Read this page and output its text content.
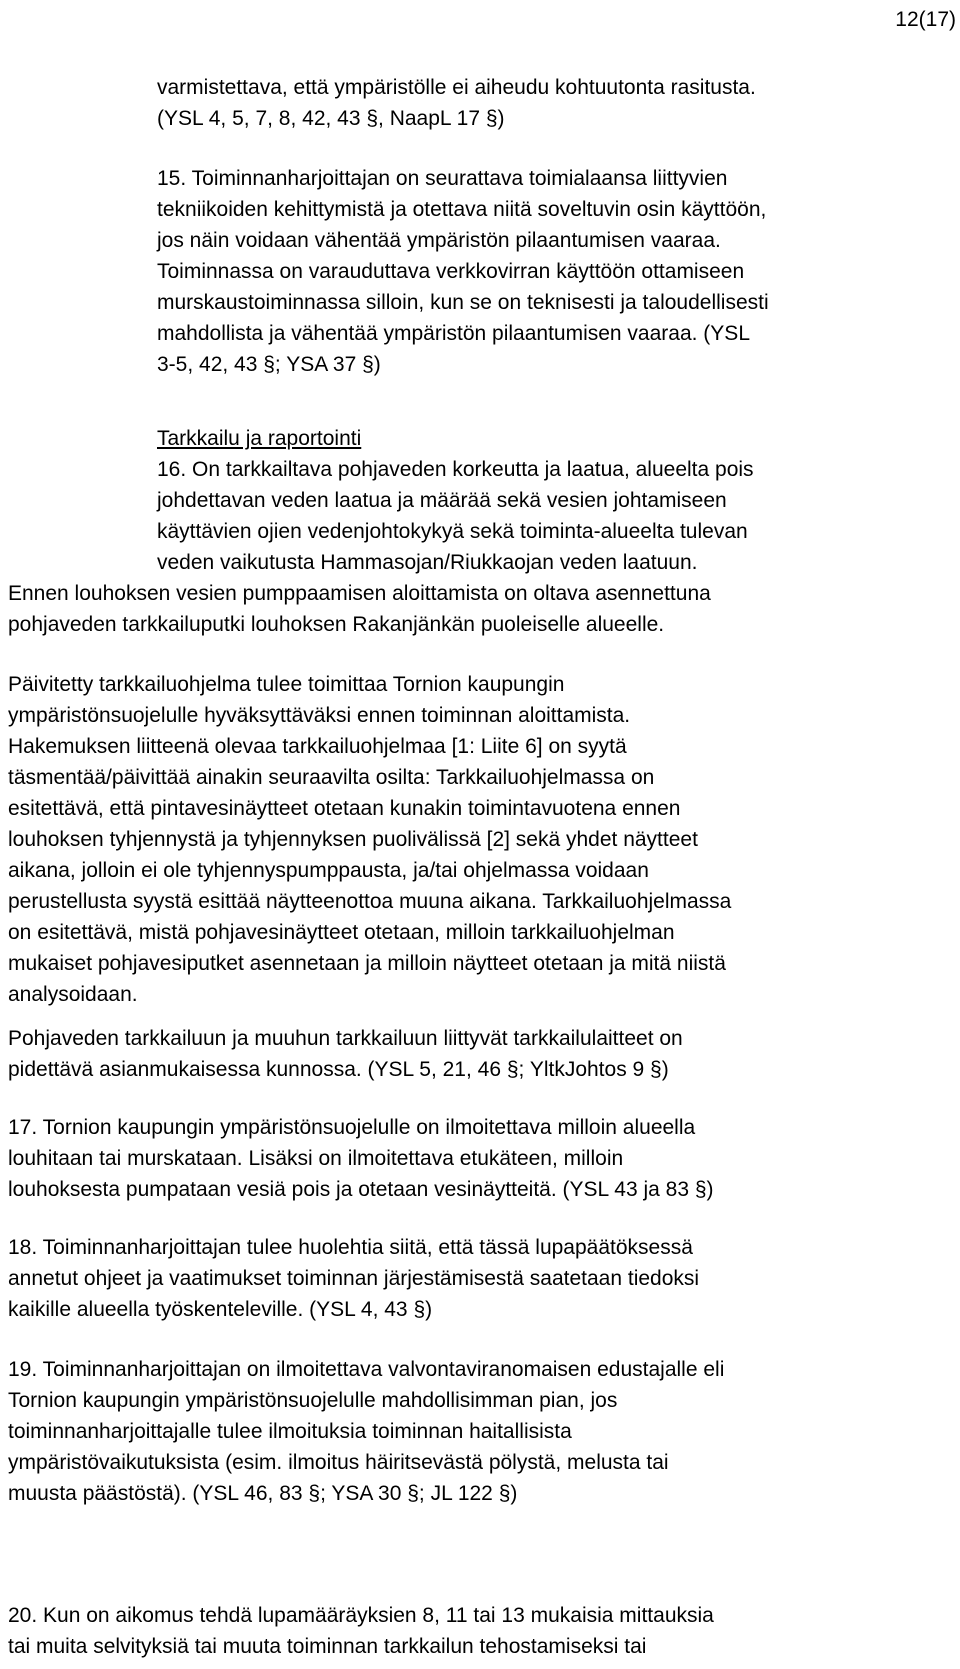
12(17)
varmistettava, että ympäristölle ei aiheudu kohtuutonta rasitusta.
(YSL 4, 5, 7, 8, 42, 43 §, NaapL 17 §)
15. Toiminnanharjoittajan on seurattava toimialaansa liittyvien
tekniikoiden kehittymistä ja otettava niitä soveltuvin osin käyttöön,
jos näin voidaan vähentää ympäristön pilaantumisen vaaraa.
Toiminnassa on varauduttava verkkovirran käyttöön ottamiseen
murskaustoiminnassa silloin, kun se on teknisesti ja taloudellisesti
mahdollista ja vähentää ympäristön pilaantumisen vaaraa. (YSL
3-5, 42, 43 §; YSA 37 §)
Tarkkailu ja raportointi
16. On tarkkailtava pohjaveden korkeutta ja laatua, alueelta pois
johdettavan veden laatua ja määrää sekä vesien johtamiseen
käyttävien ojien vedenjohtokykyä sekä toiminta-alueelta tulevan
veden vaikutusta Hammasojan/Riukkaojan veden laatuun.
Ennen louhoksen vesien pumppaamisen aloittamista on oltava asennettuna
pohjaveden tarkkailuputki louhoksen Rakanjänkän puoleiselle alueelle.
Päivitetty tarkkailuohjelma tulee toimittaa Tornion kaupungin
ympäristönsuojelulle hyväksyttäväksi ennen toiminnan aloittamista.
Hakemuksen liitteenä olevaa tarkkailuohjelmaa [1: Liite 6] on syytä
täsmentää/päivittää ainakin seuraavilta osilta: Tarkkailuohjelmassa on
esitettävä, että pintavesinäytteet otetaan kunakin toimintavuotena ennen
louhoksen tyhjennystä ja tyhjennyksen puolivälissä [2] sekä yhdet näytteet
aikana, jolloin ei ole tyhjennyspumppausta, ja/tai ohjelmassa voidaan
perustellusta syystä esittää näytteenottoa muuna aikana. Tarkkailuohjelmassa
on esitettävä, mistä pohjavesinäytteet otetaan, milloin tarkkailuohjelman
mukaiset pohjavesiputket asennetaan ja milloin näytteet otetaan ja mitä niistä
analysoidaan.
Pohjaveden tarkkailuun ja muuhun tarkkailuun liittyvät tarkkailulaitteet on
pidettävä asianmukaisessa kunnossa. (YSL 5, 21, 46 §; YltkJohtos 9 §)
17. Tornion kaupungin ympäristönsuojelulle on ilmoitettava milloin alueella
louhitaan tai murskataan. Lisäksi on ilmoitettava etukäteen, milloin
louhoksesta pumpataan vesiä pois ja otetaan vesinäytteitä. (YSL 43 ja 83 §)
18. Toiminnanharjoittajan tulee huolehtia siitä, että tässä lupapäätöksessä
annetut ohjeet ja vaatimukset toiminnan järjestämisestä saatetaan tiedoksi
kaikille alueella työskenteleville. (YSL 4, 43 §)
19. Toiminnanharjoittajan on ilmoitettava valvontaviranomaisen edustajalle eli
Tornion kaupungin ympäristönsuojelulle mahdollisimman pian, jos
toiminnanharjoittajalle tulee ilmoituksia toiminnan haitallisista
ympäristövaikutuksista (esim. ilmoitus häiritsevästä pölystä, melusta tai
muusta päästöstä). (YSL 46, 83 §; YSA 30 §; JL 122 §)
20. Kun on aikomus tehdä lupamääräyksien 8, 11 tai 13 mukaisia mittauksia
tai muita selvityksiä tai muuta toiminnan tarkkailun tehostamiseksi tai
